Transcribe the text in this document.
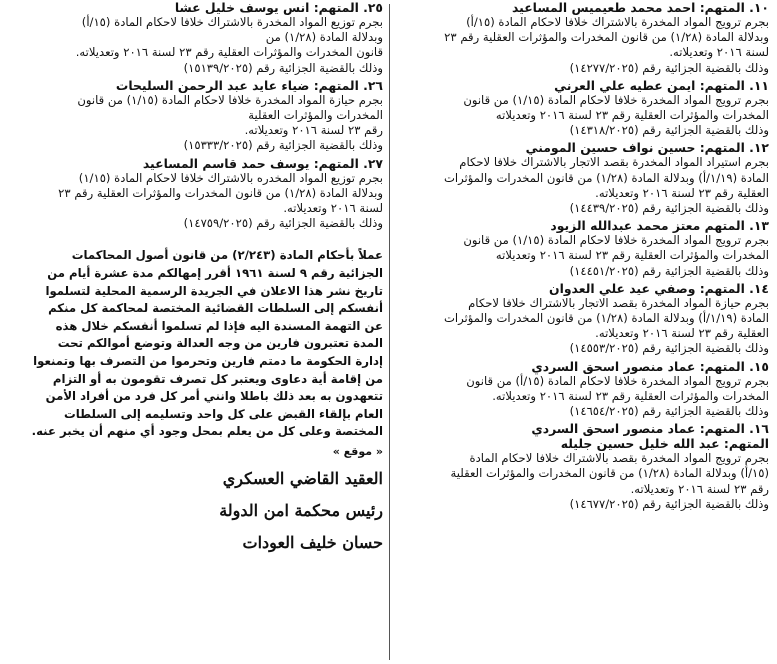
١٠. المتهم: احمد محمد طعيميس المساعيد
بجرم ترويج المواد المخدرة بالاشتراك خلافا لاحكام المادة (١٥/أ)
وبدلالة المادة (١/٢٨) من قانون المخدرات والمؤثرات العقلية رقم ٢٣
لسنة ٢٠١٦ وتعديلاته.
وذلك بالقضية الجزائية رقم (١٤٢٧٧/٢٠٢٥)
١١. المتهم: ايمن عطيه علي العرني
بجرم ترويج المواد المخدرة خلافا لاحكام المادة (١/١٥) من قانون
المخدرات والمؤثرات العقلية رقم ٢٣ لسنة ٢٠١٦ وتعديلاته
وذلك بالقضية الجزائية رقم (١٤٣١٨/٢٠٢٥)
١٢. المتهم: حسين نواف حسين المومني
بجرم استيراد المواد المخدرة بقصد الاتجار بالاشتراك خلافا لاحكام
المادة (١/١٩/أ) وبدلالة المادة (١/٢٨) من قانون المخدرات والمؤثرات
العقلية رقم ٢٣ لسنة ٢٠١٦ وتعديلاته.
وذلك بالقضية الجزائية رقم (١٤٤٣٩/٢٠٢٥)
١٣. المتهم معتز محمد عبدالله الزيود
بجرم ترويج المواد المخدرة خلافا لاحكام المادة (١/١٥) من قانون
المخدرات والمؤثرات العقلية رقم ٢٣ لسنة ٢٠١٦ وتعديلاته
وذلك بالقضية الجزائية رقم (١٤٤٥١/٢٠٢٥)
١٤. المتهم: وصفي عيد علي العدوان
بجرم حيازة المواد المخدرة بقصد الاتجار بالاشتراك خلافا لاحكام
المادة (١/١٩/أ) وبدلالة المادة (١/٢٨) من قانون المخدرات والمؤثرات
العقلية رقم ٢٣ لسنة ٢٠١٦ وتعديلاته.
وذلك بالقضية الجزائية رقم (١٤٥٥٣/٢٠٢٥)
١٥. المتهم: عماد منصور اسحق السردي
بجرم ترويج المواد المخدرة خلافا لاحكام المادة (١٥/أ) من قانون
المخدرات والمؤثرات العقلية رقم ٢٣ لسنة ٢٠١٦ وتعديلاته.
وذلك بالقضية الجزائية رقم (١٤٦٥٤/٢٠٢٥)
١٦. المتهم: عماد منصور اسحق السردي
المتهم: عبد الله خليل حسين جليله
بجرم ترويج المواد المخدرة بقصد بالاشتراك خلافا لاحكام المادة
(١٥/أ) وبدلالة المادة (١/٢٨) من قانون المخدرات والمؤثرات العقلية
رقم ٢٣ لسنة ٢٠١٦ وتعديلاته.
وذلك بالقضية الجزائية رقم (١٤٦٧٧/٢٠٢٥)
٢٥. المتهم: انس يوسف خليل عشا
بجرم توزيع المواد المخدرة بالاشتراك خلافا لاحكام المادة (١٥/أ)
وبدلالة المادة (١/٢٨) من
قانون المخدرات والمؤثرات العقلية رقم ٢٣ لسنة ٢٠١٦ وتعديلاته.
وذلك بالقضية الجزائية رقم (١٥١٣٩/٢٠٢٥)
٢٦. المتهم: ضياء عايد عبد الرحمن السليحات
بجرم حيازة المواد المخدرة خلافا لاحكام المادة (١/١٥) من قانون
المخدرات والمؤثرات العقلية
رقم ٢٣ لسنة ٢٠١٦ وتعديلاته.
وذلك بالقضية الجزائية رقم (١٥٣٣٣/٢٠٢٥)
٢٧. المتهم: يوسف حمد قاسم المساعيد
بجرم توزيع المواد المخدره بالاشتراك خلافا لاحكام المادة (١/١٥)
وبدلالة المادة (١/٢٨) من قانون المخدرات والمؤثرات العقلية رقم ٢٣
لسنة ٢٠١٦ وتعديلاته.
وذلك بالقضية الجزائية رقم (١٤٧٥٩/٢٠٢٥)
عملاً بأحكام المادة (٢/٢٤٣) من قانون أصول المحاكمات
الجزائية رقم ٩ لسنة ١٩٦١ أقرر إمهالكم مدة عشرة أيام من
تاريخ نشر هذا الاعلان في الجريدة الرسمية المحلية لتسلموا
أنفسكم إلى السلطات القضائية المختصة لمحاكمة كل منكم
عن التهمة المسندة اليه فإذا لم تسلموا أنفسكم خلال هذه
المدة تعتبرون فارين من وجه العدالة وتوضع أموالكم تحت
إدارة الحكومة ما دمتم فارين وتحرموا من التصرف بها وتمنعوا
من إقامة أية دعاوى ويعتبر كل تصرف تقومون به أو التزام
تتعهدون به بعد ذلك باطلا وانني أمر كل فرد من أفراد الأمن
العام بإلقاء القبض على كل واحد وتسليمه إلى السلطات
المختصة وعلى كل من يعلم بمحل وجود أي منهم أن يخبر عنه.
« موقع »
العقيد القاضي العسكري
رئيس محكمة امن الدولة
حسان خليف العودات
